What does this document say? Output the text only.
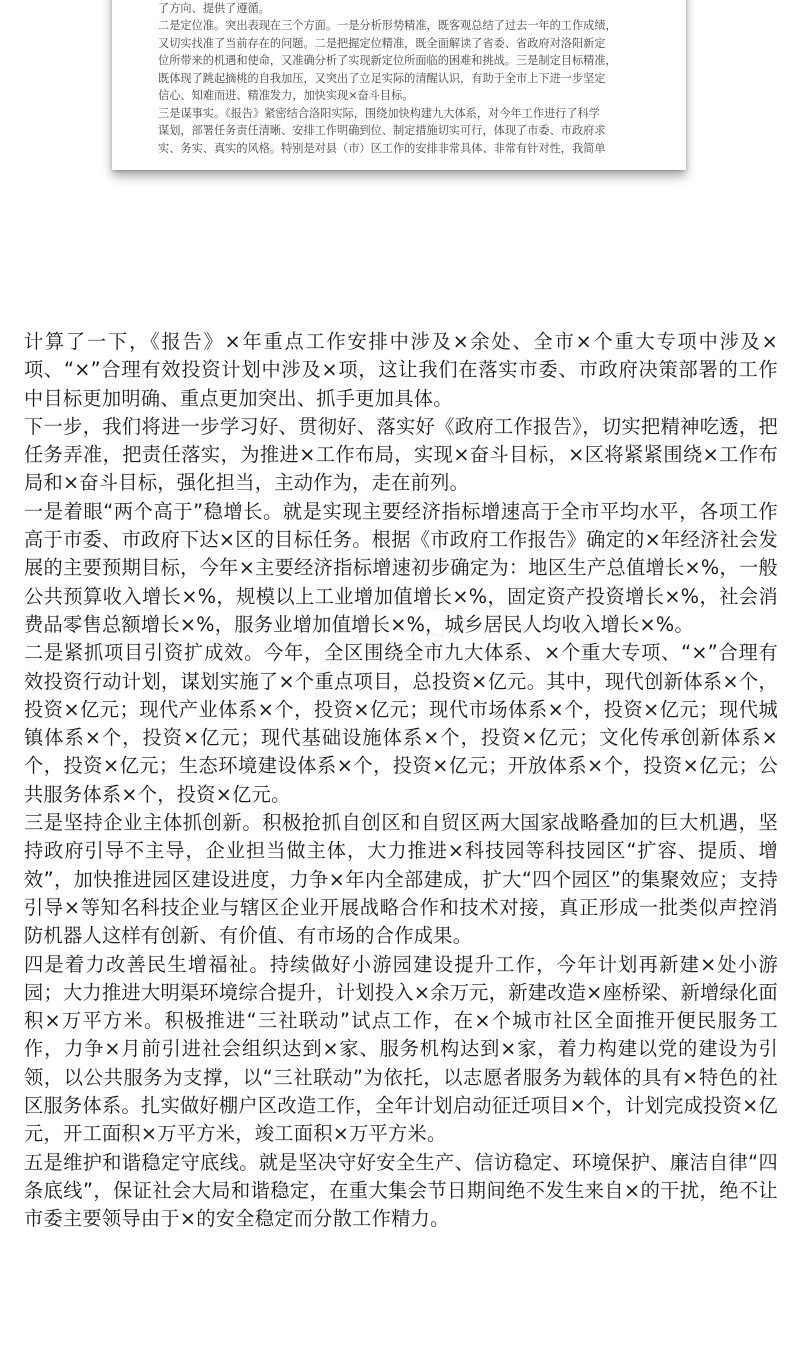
了方向、提供了遵循。

二是定位准。突出表现在三个方面。一是分析形势精准，既客观总结了过去一年的工作成绩，

又切实找准了当前存在的问题。二是把握定位精准，既全面解读了省委、省政府对洛阳新定

位所带来的机遇和使命，又准确分析了实现新定位所面临的困难和挑战。三是制定目标精准，

既体现了跳起摘桃的自我加压，又突出了立足实际的清醒认识，有助于全市上下进一步坚定

信心、知难而进、精准发力，加快实现×奋斗目标。

三是谋事实。《报告》紧密结合洛阳实际，围绕加快构建九大体系，对今年工作进行了科学

谋划，部署任务责任清晰、安排工作明确到位、制定措施切实可行，体现了市委、市政府求

实、务实、真实的风格。特别是对县（市）区工作的安排非常具体、非常有针对性，我简单

计算了一下，《报告》×年重点工作安排中涉及×余处、全市×个重大专项中涉及×项、“×”合理有效投资计划中涉及×项，这让我们在落实市委、市政府决策部署的工作中目标更加明确、重点更加突出、抓手更加具体。

下一步，我们将进一步学习好、贯彻好、落实好《政府工作报告》，切实把精神吃透，把任务弄准，把责任落实，为推进×工作布局，实现×奋斗目标，×区将紧紧围绕×工作布局和×奋斗目标，强化担当，主动作为，走在前列。

一是着眼“两个高于”稳增长。就是实现主要经济指标增速高于全市平均水平，各项工作高于市委、市政府下达×区的目标任务。根据《市政府工作报告》确定的×年经济社会发展的主要预期目标，今年×主要经济指标增速初步确定为：地区生产总值增长×%，一般公共预算收入增长×%，规模以上工业增加值增长×%，固定资产投资增长×%，社会消费品零售总额增长×%，服务业增加值增长×%，城乡居民人均收入增长×%。

二是紧抓项目引资扩成效。今年，全区围绕全市九大体系、×个重大专项、“×”合理有效投资行动计划，谋划实施了×个重点项目，总投资×亿元。其中，现代创新体系×个，投资×亿元；现代产业体系×个，投资×亿元；现代市场体系×个，投资×亿元；现代城镇体系×个，投资×亿元；现代基础设施体系×个，投资×亿元；文化传承创新体系×个，投资×亿元；生态环境建设体系×个，投资×亿元；开放体系×个，投资×亿元；公共服务体系×个，投资×亿元。

三是坚持企业主体抓创新。积极抢抓自创区和自贸区两大国家战略叠加的巨大机遇，坚持政府引导不主导，企业担当做主体，大力推进×科技园等科技园区“扩容、提质、增效”，加快推进园区建设进度，力争×年内全部建成，扩大“四个园区”的集聚效应；支持引导×等知名科技企业与辖区企业开展战略合作和技术对接，真正形成一批类似声控消防机器人这样有创新、有价值、有市场的合作成果。

四是着力改善民生增福祉。持续做好小游园建设提升工作，今年计划再新建×处小游园；大力推进大明渠环境综合提升，计划投入×余万元，新建改造×座桥梁、新增绿化面积×万平方米。积极推进“三社联动”试点工作，在×个城市社区全面推开便民服务工作，力争×月前引进社会组织达到×家、服务机构达到×家，着力构建以党的建设为引领，以公共服务为支撑，以“三社联动”为依托，以志愿者服务为载体的具有×特色的社区服务体系。扎实做好棚户区改造工作，全年计划启动征迁项目×个，计划完成投资×亿元，开工面积×万平方米，竣工面积×万平方米。

五是维护和谐稳定守底线。就是坚决守好安全生产、信访稳定、环境保护、廉洁自律“四条底线”，保证社会大局和谐稳定，在重大集会节日期间绝不发生来自×的干扰，绝不让市委主要领导由于×的安全稳定而分散工作精力。
